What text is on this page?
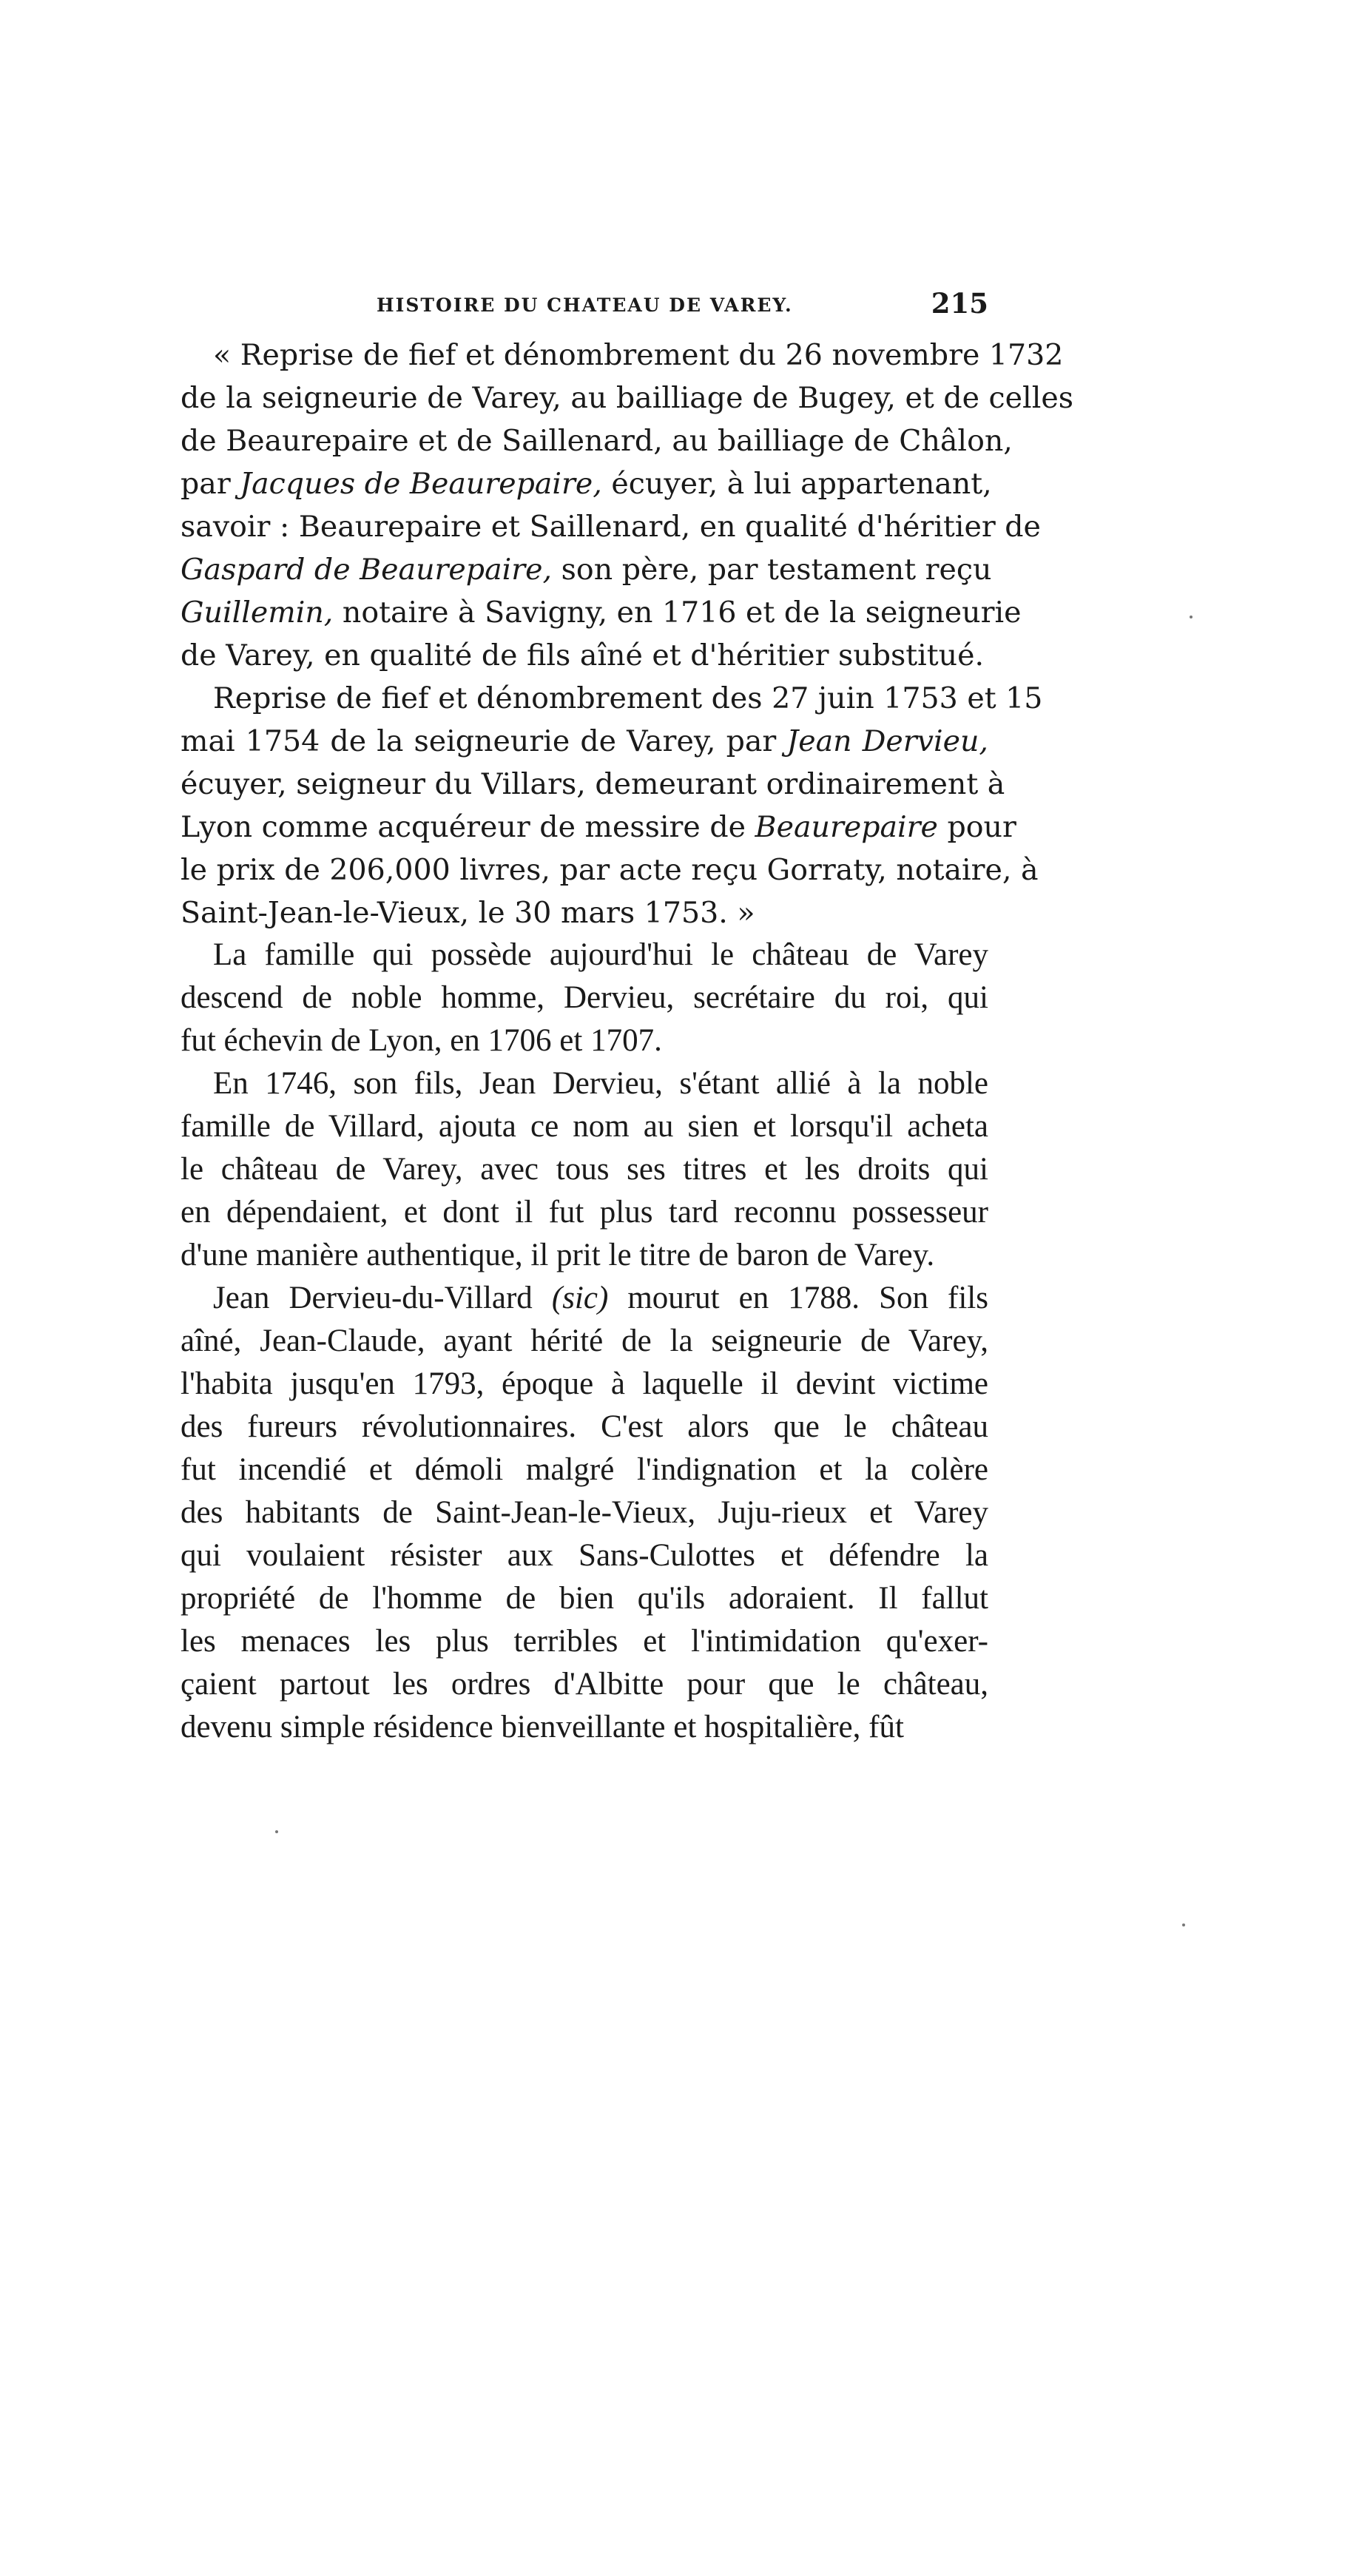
HISTOIRE DU CHATEAU DE VAREY.	215
« Reprise de fief et dénombrement du 26 novembre 1732
de la seigneurie de Varey, au bailliage de Bugey, et de celles
de Beaurepaire et de Saillenard, au bailliage de Châlon,
par Jacques de Beaurepaire, écuyer, à lui appartenant,
savoir : Beaurepaire et Saillenard, en qualité d'héritier de
Gaspard de Beaurepaire, son père, par testament reçu
Guillemin, notaire à Savigny, en 1716 et de la seigneurie
de Varey, en qualité de fils aîné et d'héritier substitué.
Reprise de fief et dénombrement des 27 juin 1753 et 15
mai 1754 de la seigneurie de Varey, par Jean Dervieu,
écuyer, seigneur du Villars, demeurant ordinairement à
Lyon comme acquéreur de messire de Beaurepaire pour
le prix de 206,000 livres, par acte reçu Gorraty, notaire, à
Saint-Jean-le-Vieux, le 30 mars 1753. »
La famille qui possède aujourd'hui le château de Varey
descend de noble homme, Dervieu, secrétaire du roi, qui
fut échevin de Lyon, en 1706 et 1707.
En 1746, son fils, Jean Dervieu, s'étant allié à la noble
famille de Villard, ajouta ce nom au sien et lorsqu'il acheta
le château de Varey, avec tous ses titres et les droits qui
en dépendaient, et dont il fut plus tard reconnu possesseur
d'une manière authentique, il prit le titre de baron de Varey.
Jean Dervieu-du-Villard (sic) mourut en 1788. Son fils
aîné, Jean-Claude, ayant hérité de la seigneurie de Varey,
l'habita jusqu'en 1793, époque à laquelle il devint victime
des fureurs révolutionnaires. C'est alors que le château
fut incendié et démoli malgré l'indignation et la colère
des habitants de Saint-Jean-le-Vieux, Juju-rieux et Varey
qui voulaient résister aux Sans-Culottes et défendre la
propriété de l'homme de bien qu'ils adoraient. Il fallut
les menaces les plus terribles et l'intimidation qu'exer-
çaient partout les ordres d'Albitte pour que le château,
devenu simple résidence bienveillante et hospitalière, fût
